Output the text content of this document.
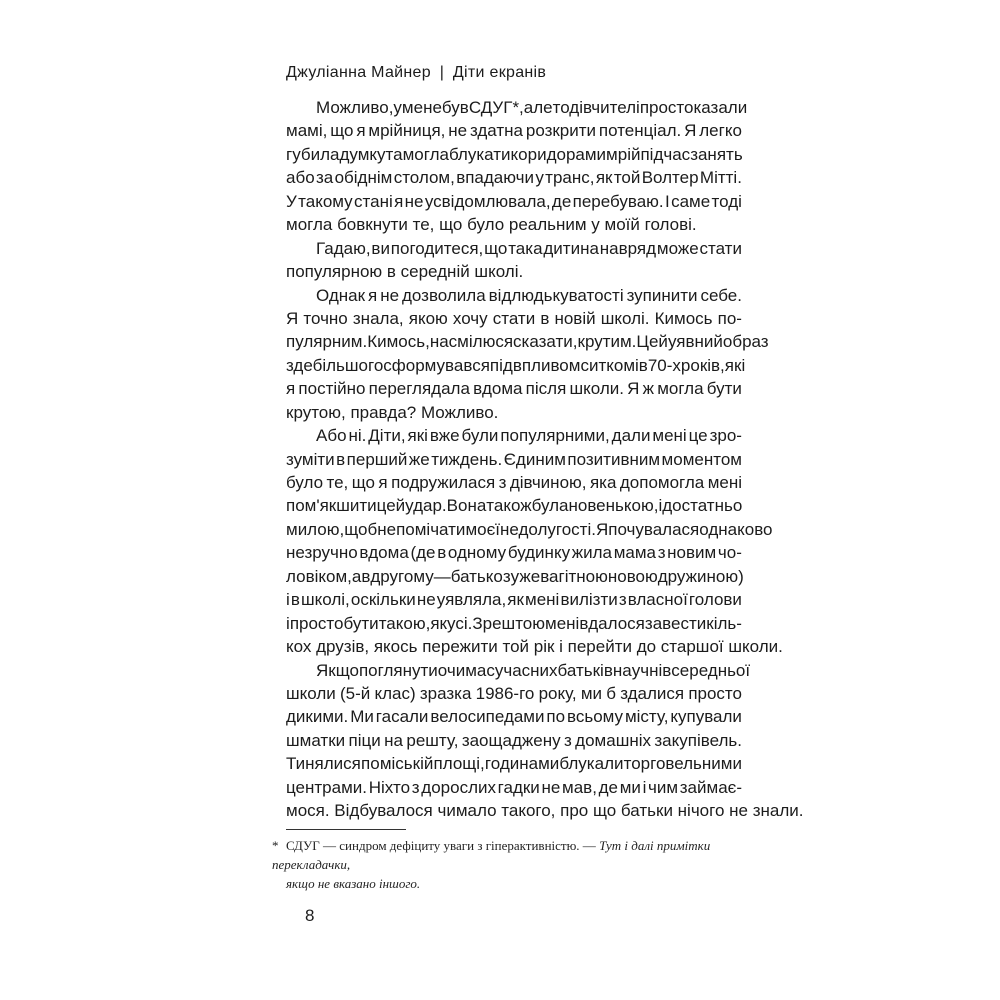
Джуліанна Майнер | Діти екранів
Можливо, у мене був СДУГ*, але тоді вчителі просто казали
мамі, що я мрійниця, не здатна розкрити потенціал. Я легко
губила думку та могла блукати коридорами мрій під час занять
або за обіднім столом, впадаючи у транс, як той Волтер Мітті.
У такому стані я не усвідомлювала, де перебуваю. І саме тоді
могла бовкнути те, що було реальним у моїй голові.
Гадаю, ви погодитеся, що така дитина навряд може стати
популярною в середній школі.
Однак я не дозволила відлюдькуватості зупинити себе.
Я точно знала, якою хочу стати в новій школі. Кимось по-
пулярним. Кимось, насмілюся сказати, крутим. Цей уявний образ
здебільшого сформувався під впливом ситкомів 70-х років, які
я постійно переглядала вдома після школи. Я ж могла бути
крутою, правда? Можливо.
Або ні. Діти, які вже були популярними, дали мені це зро-
зуміти в перший же тиждень. Єдиним позитивним моментом
було те, що я подружилася з дівчиною, яка допомогла мені
пом'якшити цей удар. Вона також була новенькою, і достатньо
милою, щоб не помічати моєї недолугості. Я почувалася однаково
незручно вдома (де в одному будинку жила мама з новим чо-
ловіком, а в другому — батько з уже вагітною новою дружиною)
і в школі, оскільки не уявляла, як мені вилізти з власної голови
і просто бути такою, як усі. Зрештою мені вдалося завести кіль-
кох друзів, якось пережити той рік і перейти до старшої школи.
Якщо поглянути очима сучасних батьків на учнів середньої
школи (5-й клас) зразка 1986-го року, ми б здалися просто
дикими. Ми гасали велосипедами по всьому місту, купували
шматки піци на решту, заощаджену з домашніх закупівель.
Тинялися по міській площі, годинами блукали торговельними
центрами. Ніхто з дорослих гадки не мав, де ми і чим займає-
мося. Відбувалося чимало такого, про що батьки нічого не знали.
* СДУГ — синдром дефіциту уваги з гіперактивністю. — Тут і далі примітки перекладачки,
якщо не вказано іншого.
8
